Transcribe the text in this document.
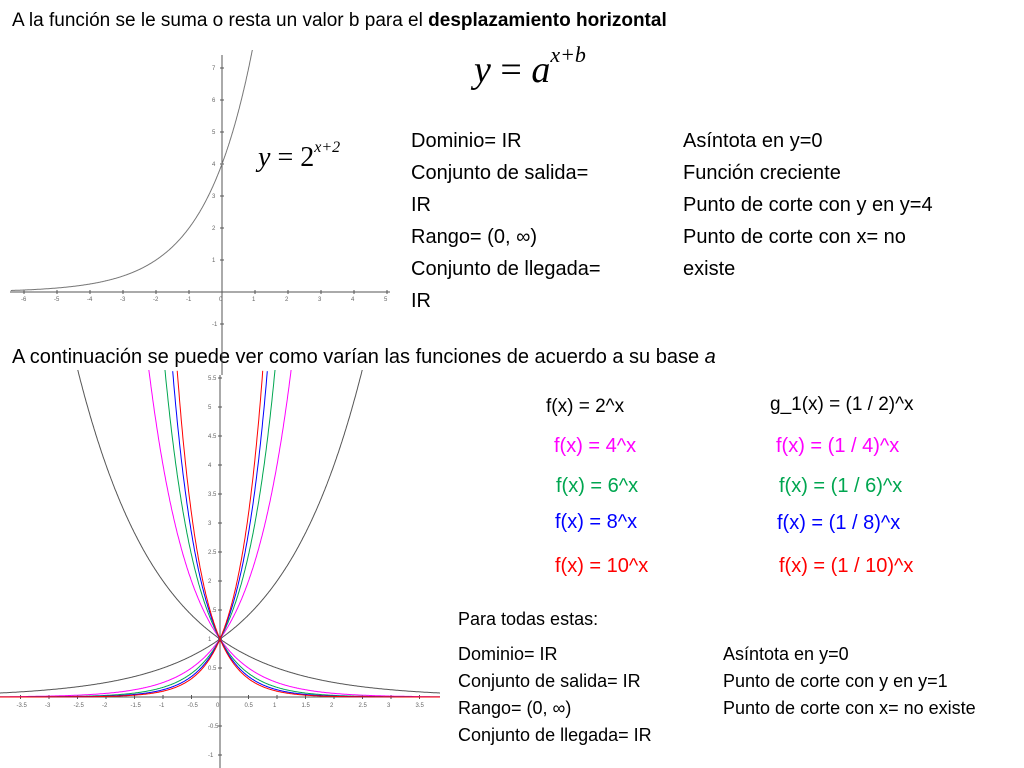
A la función se le suma o resta un valor b para el desplazamiento horizontal
$y = a^{x+b}$
$y = 2^{x+2}$	Dominio= IR
Conjunto de salida=
IR
Rango= (0, ∞)
Conjunto de llegada=
IR
Asíntota en y=0
Función creciente
Punto de corte con y en y=4
Punto de corte con x= no
existe
A continuación se puede ver como varían las funciones de acuerdo a su base a
-6	-5	-4	-3	-2	-1	0	1	2	3	4	5
7
6
5
4
3
2
1
-1
-3.5	-3	-2.5	-2	-1.5	-1	-0.5	0	0.5	1	1.5	2	2.5	3	3.5
5.5
5
4.5
4
3.5
3
2.5
2
1.5
1
0.5
-0.5
-1
f(x) = 2^x	g_1(x) = (1 / 2)^x
f(x) = 4^x	f(x) = (1 / 4)^x
f(x) = 6^x	f(x) = (1 / 6)^x
f(x) = 8^x	f(x) = (1 / 8)^x
f(x) = 10^x	f(x) = (1 / 10)^x
Para todas estas:
Dominio= IR
Conjunto de salida= IR
Rango= (0, ∞)
Conjunto de llegada= IR
Asíntota en y=0
Punto de corte con y en y=1
Punto de corte con x= no existe
